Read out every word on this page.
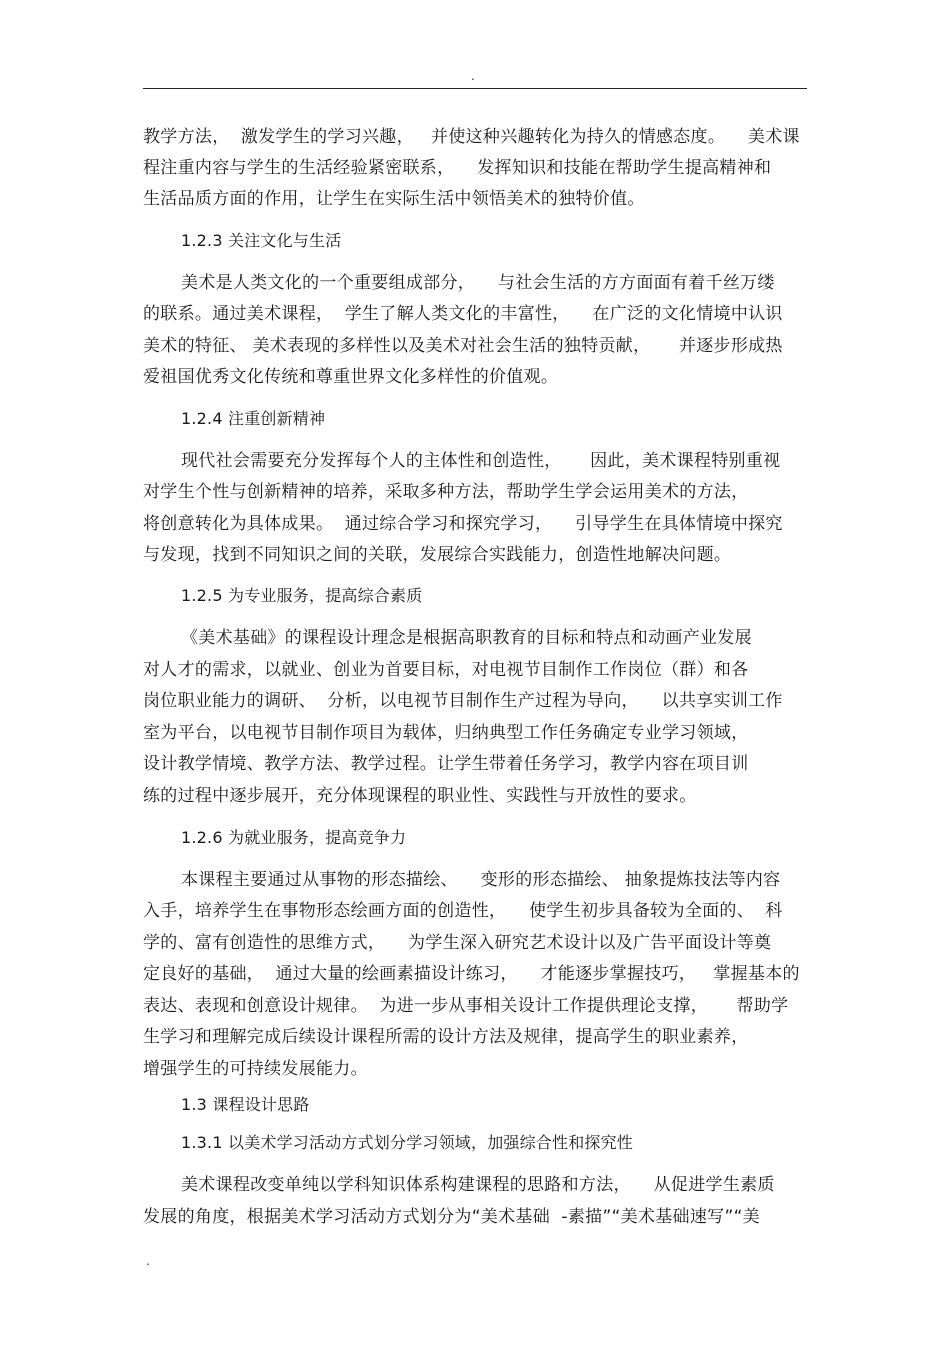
.
教学方法，  激发学生的学习兴趣，   并使这种兴趣转化为持久的情感态度。    美术课
程注重内容与学生的生活经验紧密联系，    发挥知识和技能在帮助学生提高精神和
生活品质方面的作用，让学生在实际生活中领悟美术的独特价值。
1.2.3 关注文化与生活
美术是人类文化的一个重要组成部分，    与社会生活的方方面面有着千丝万缕
的联系。通过美术课程，  学生了解人类文化的丰富性，    在广泛的文化情境中认识
美术的特征、 美术表现的多样性以及美术对社会生活的独特贡献，     并逐步形成热
爱祖国优秀文化传统和尊重世界文化多样性的价值观。
1.2.4 注重创新精神
现代社会需要充分发挥每个人的主体性和创造性，     因此，美术课程特别重视
对学生个性与创新精神的培养，采取多种方法，帮助学生学会运用美术的方法，
将创意转化为具体成果。  通过综合学习和探究学习，    引导学生在具体情境中探究
与发现，找到不同知识之间的关联，发展综合实践能力，创造性地解决问题。
1.2.5 为专业服务，提高综合素质
《美术基础》的课程设计理念是根据高职教育的目标和特点和动画产业发展
对人才的需求，以就业、创业为首要目标，对电视节目制作工作岗位（群）和各
岗位职业能力的调研、  分析，以电视节目制作生产过程为导向，    以共享实训工作
室为平台，以电视节目制作项目为载体，归纳典型工作任务确定专业学习领域，
设计教学情境、教学方法、教学过程。让学生带着任务学习，教学内容在项目训
练的过程中逐步展开，充分体现课程的职业性、实践性与开放性的要求。
1.2.6 为就业服务，提高竞争力
本课程主要通过从事物的形态描绘、    变形的形态描绘、 抽象提炼技法等内容
入手，培养学生在事物形态绘画方面的创造性，    使学生初步具备较为全面的、  科
学的、富有创造性的思维方式，    为学生深入研究艺术设计以及广告平面设计等奠
定良好的基础，  通过大量的绘画素描设计练习，    才能逐步掌握技巧，   掌握基本的
表达、表现和创意设计规律。  为进一步从事相关设计工作提供理论支撑，     帮助学
生学习和理解完成后续设计课程所需的设计方法及规律，提高学生的职业素养，
增强学生的可持续发展能力。
1.3 课程设计思路
1.3.1 以美术学习活动方式划分学习领域，加强综合性和探究性
美术课程改变单纯以学科知识体系构建课程的思路和方法，    从促进学生素质
发展的角度，根据美术学习活动方式划分为“美术基础  -素描”“美术基础速写”“美
.
